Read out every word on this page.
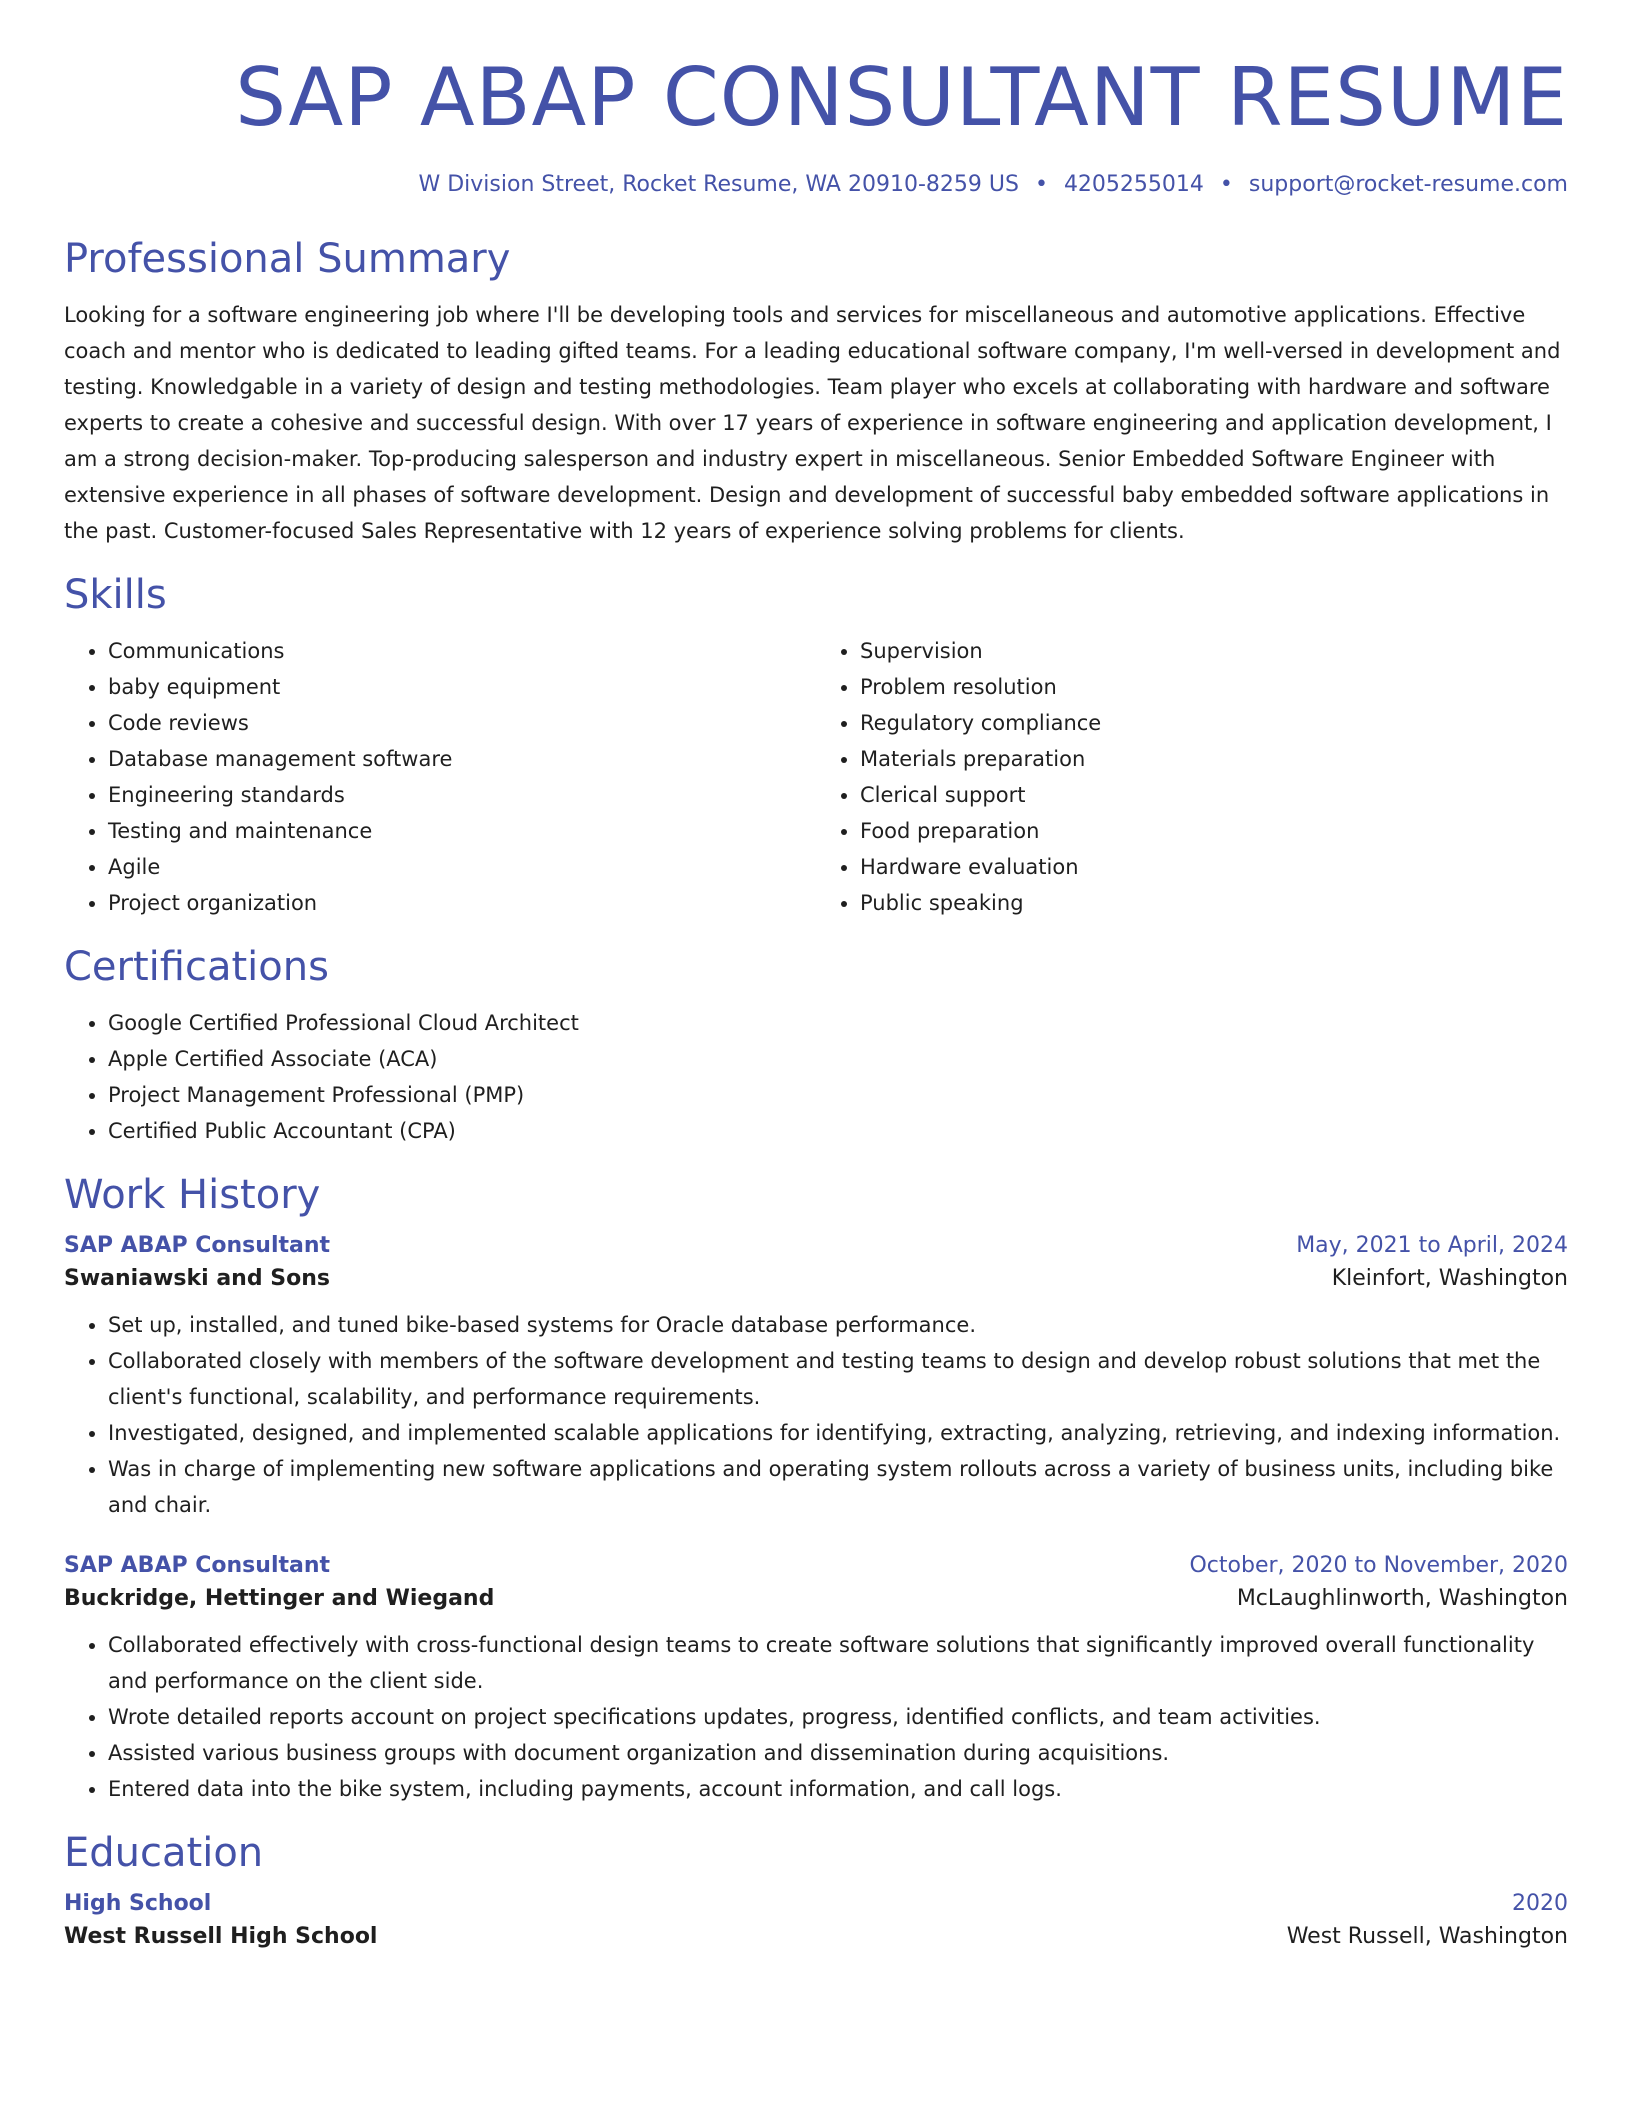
SAP ABAP CONSULTANT RESUME
W Division Street, Rocket Resume, WA 20910-8259 US • 4205255014 • support@rocket-resume.com
Professional Summary

Looking for a software engineering job where I'll be developing tools and services for miscellaneous and automotive applications. Effective coach and mentor who is dedicated to leading gifted teams. For a leading educational software company, I'm well-versed in development and testing. Knowledgable in a variety of design and testing methodologies. Team player who excels at collaborating with hardware and software experts to create a cohesive and successful design. With over 17 years of experience in software engineering and application development, I am a strong decision-maker. Top-producing salesperson and industry expert in miscellaneous. Senior Embedded Software Engineer with extensive experience in all phases of software development. Design and development of successful baby embedded software applications in the past. Customer-focused Sales Representative with 12 years of experience solving problems for clients.

Skills
• Communications
• baby equipment
• Code reviews
• Database management software
• Engineering standards
• Testing and maintenance
• Agile
• Project organization
• Supervision
• Problem resolution
• Regulatory compliance
• Materials preparation
• Clerical support
• Food preparation
• Hardware evaluation
• Public speaking
Certifications
• Google Certified Professional Cloud Architect
• Apple Certified Associate (ACA)
• Project Management Professional (PMP)
• Certified Public Accountant (CPA)
Work History
SAP ABAP Consultant	May, 2021 to April, 2024
Swaniawski and Sons	Kleinfort, Washington
• Set up, installed, and tuned bike-based systems for Oracle database performance.
• Collaborated closely with members of the software development and testing teams to design and develop robust solutions that met the client's functional, scalability, and performance requirements.
• Investigated, designed, and implemented scalable applications for identifying, extracting, analyzing, retrieving, and indexing information.
• Was in charge of implementing new software applications and operating system rollouts across a variety of business units, including bike and chair.
SAP ABAP Consultant	October, 2020 to November, 2020
Buckridge, Hettinger and Wiegand	McLaughlinworth, Washington
• Collaborated effectively with cross-functional design teams to create software solutions that significantly improved overall functionality and performance on the client side.
• Wrote detailed reports account on project specifications updates, progress, identified conflicts, and team activities.
• Assisted various business groups with document organization and dissemination during acquisitions.
• Entered data into the bike system, including payments, account information, and call logs.
Education
High School	2020
West Russell High School	West Russell, Washington
